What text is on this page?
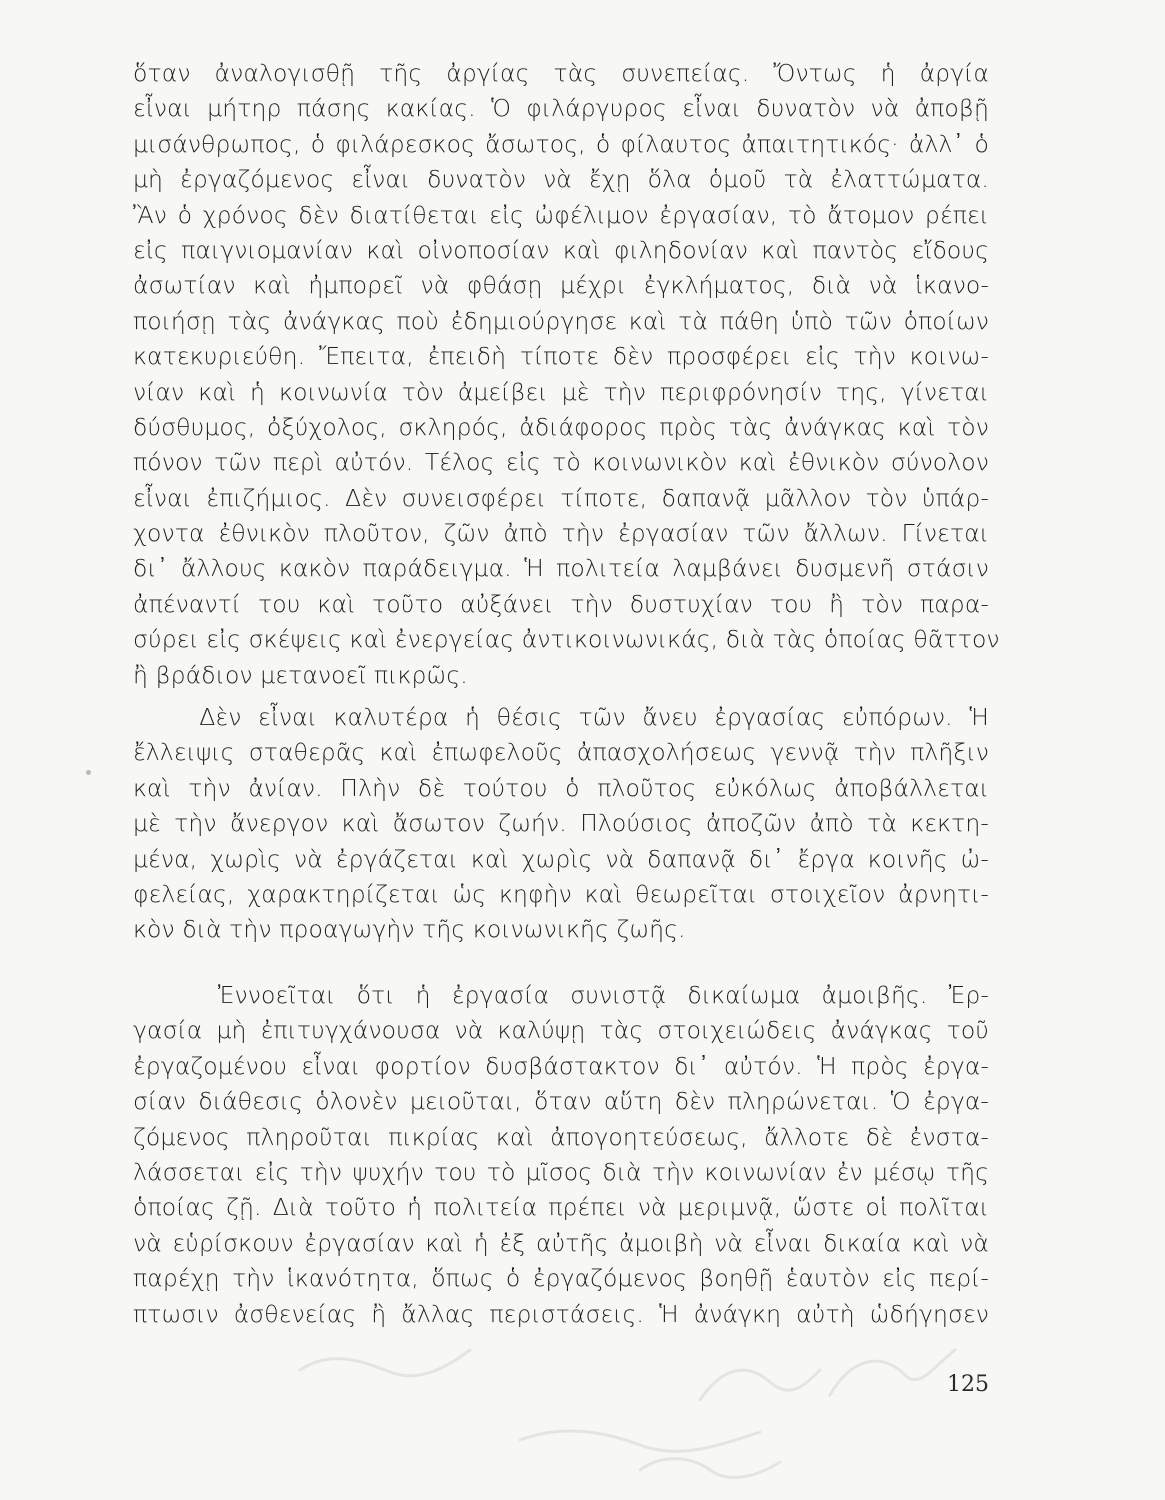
ὅταν ἀναλογισθῇ τῆς ἀργίας τὰς συνεπείας. Ὄντως ἡ ἀργία
εἶναι μήτηρ πάσης κακίας. Ὁ φιλάργυρος εἶναι δυνατὸν νὰ ἀποβῇ
μισάνθρωπος, ὁ φιλάρεσκος ἄσωτος, ὁ φίλαυτος ἀπαιτητικός· ἀλλ᾽ ὁ
μὴ ἐργαζόμενος εἶναι δυνατὸν νὰ ἔχῃ ὅλα ὁμοῦ τὰ ἐλαττώματα.
Ἂν ὁ χρόνος δὲν διατίθεται εἰς ὠφέλιμον ἐργασίαν, τὸ ἄτομον ρέπει
εἰς παιγνιομανίαν καὶ οἰνοποσίαν καὶ φιληδονίαν καὶ παντὸς εἴδους
ἀσωτίαν καὶ ἠμπορεῖ νὰ φθάσῃ μέχρι ἐγκλήματος, διὰ νὰ ἱκανο-
ποιήσῃ τὰς ἀνάγκας ποὺ ἐδημιούργησε καὶ τὰ πάθη ὑπὸ τῶν ὁποίων
κατεκυριεύθη. Ἔπειτα, ἐπειδὴ τίποτε δὲν προσφέρει εἰς τὴν κοινω-
νίαν καὶ ἡ κοινωνία τὸν ἀμείβει μὲ τὴν περιφρόνησίν της, γίνεται
δύσθυμος, ὀξύχολος, σκληρός, ἀδιάφορος πρὸς τὰς ἀνάγκας καὶ τὸν
πόνον τῶν περὶ αὐτόν. Τέλος εἰς τὸ κοινωνικὸν καὶ ἐθνικὸν σύνολον
εἶναι ἐπιζήμιος. Δὲν συνεισφέρει τίποτε, δαπανᾷ μᾶλλον τὸν ὑπάρ-
χοντα ἐθνικὸν πλοῦτον, ζῶν ἀπὸ τὴν ἐργασίαν τῶν ἄλλων. Γίνεται
δι᾽ ἄλλους κακὸν παράδειγμα. Ἡ πολιτεία λαμβάνει δυσμενῆ στάσιν
ἀπέναντί του καὶ τοῦτο αὐξάνει τὴν δυστυχίαν του ἢ τὸν παρα-
σύρει εἰς σκέψεις καὶ ἐνεργείας ἀντικοινωνικάς, διὰ τὰς ὁποίας θᾶττον
ἢ βράδιον μετανοεῖ πικρῶς.
Δὲν εἶναι καλυτέρα ἡ θέσις τῶν ἄνευ ἐργασίας εὐπόρων. Ἡ
ἔλλειψις σταθερᾶς καὶ ἐπωφελοῦς ἀπασχολήσεως γεννᾷ τὴν πλῆξιν
καὶ τὴν ἀνίαν. Πλὴν δὲ τούτου ὁ πλοῦτος εὐκόλως ἀποβάλλεται
μὲ τὴν ἄνεργον καὶ ἄσωτον ζωήν. Πλούσιος ἀποζῶν ἀπὸ τὰ κεκτη-
μένα, χωρὶς νὰ ἐργάζεται καὶ χωρὶς νὰ δαπανᾷ δι᾽ ἔργα κοινῆς ὠ-
φελείας, χαρακτηρίζεται ὡς κηφὴν καὶ θεωρεῖται στοιχεῖον ἀρνητι-
κὸν διὰ τὴν προαγωγὴν τῆς κοινωνικῆς ζωῆς.
Ἐννοεῖται ὅτι ἡ ἐργασία συνιστᾷ δικαίωμα ἀμοιβῆς. Ἐρ-
γασία μὴ ἐπιτυγχάνουσα νὰ καλύψῃ τὰς στοιχειώδεις ἀνάγκας τοῦ
ἐργαζομένου εἶναι φορτίον δυσβάστακτον δι᾽ αὐτόν. Ἡ πρὸς ἐργα-
σίαν διάθεσις ὁλονὲν μειοῦται, ὅταν αὕτη δὲν πληρώνεται. Ὁ ἐργα-
ζόμενος πληροῦται πικρίας καὶ ἀπογοητεύσεως, ἄλλοτε δὲ ἐνστα-
λάσσεται εἰς τὴν ψυχήν του τὸ μῖσος διὰ τὴν κοινωνίαν ἐν μέσῳ τῆς
ὁποίας ζῇ. Διὰ τοῦτο ἡ πολιτεία πρέπει νὰ μεριμνᾷ, ὥστε οἱ πολῖται
νὰ εὑρίσκουν ἐργασίαν καὶ ἡ ἐξ αὐτῆς ἀμοιβὴ νὰ εἶναι δικαία καὶ νὰ
παρέχῃ τὴν ἱκανότητα, ὅπως ὁ ἐργαζόμενος βοηθῇ ἑαυτὸν εἰς περί-
πτωσιν ἀσθενείας ἢ ἄλλας περιστάσεις. Ἡ ἀνάγκη αὐτὴ ὡδήγησεν
125
